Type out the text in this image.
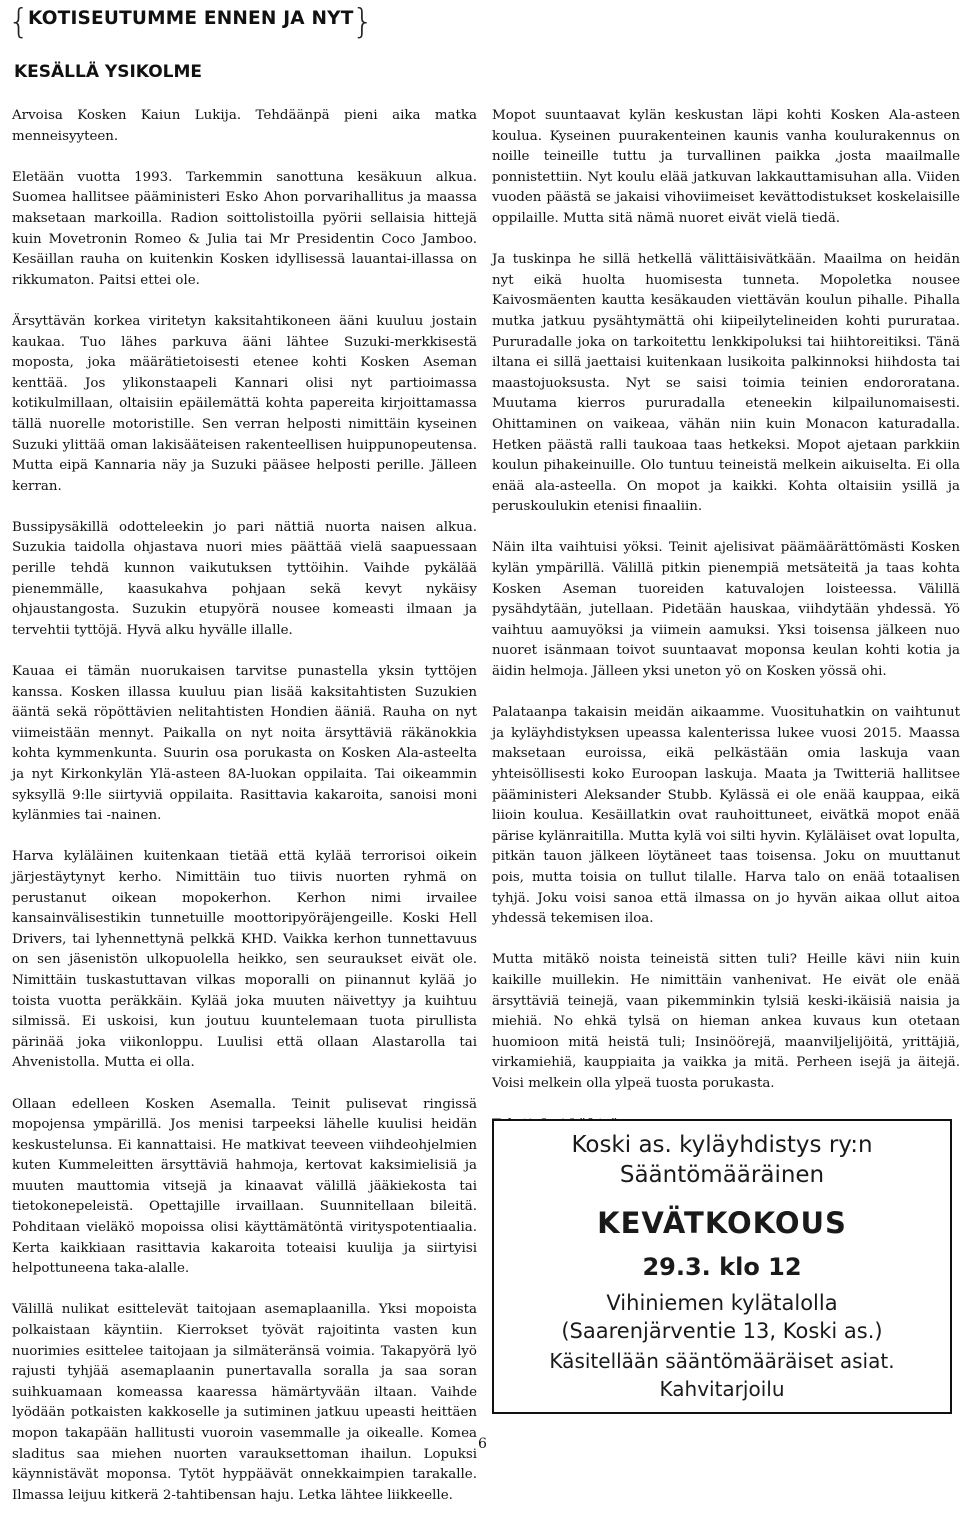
{
KOTISEUTUMME ENNEN JA NYT
}
KESÄLLÄ YSIKOLME

Arvoisa Kosken Kaiun Lukija. Tehdäänpä pieni aika matka menneisyyteen.

Eletään vuotta 1993. Tarkemmin sanottuna kesäkuun alkua. Suomea hallitsee pääministeri Esko Ahon porvarihallitus ja maassa maksetaan markoilla. Radion soittolistoilla pyörii sellaisia hittejä kuin Movetronin Romeo & Julia tai Mr Presidentin Coco Jamboo. Kesäillan rauha on kuitenkin Kosken idyllisessä lauantai-illassa on rikkumaton. Paitsi ettei ole.

Ärsyttävän korkea viritetyn kaksitahtikoneen ääni kuuluu jostain kaukaa. Tuo lähes parkuva ääni lähtee Suzuki-merkkisestä moposta, joka määrätietoisesti etenee kohti Kosken Aseman kenttää. Jos ylikonstaapeli Kannari olisi nyt partioimassa kotikulmillaan, oltaisiin epäilemättä kohta papereita kirjoittamassa tällä nuorelle motoristille. Sen verran helposti nimittäin kyseinen Suzuki ylittää oman lakisääteisen rakenteellisen huippunopeutensa. Mutta eipä Kannaria näy ja Suzuki pääsee helposti perille. Jälleen kerran.

Bussipysäkillä odotteleekin jo pari nättiä nuorta naisen alkua. Suzukia taidolla ohjastava nuori mies päättää vielä saapuessaan perille tehdä kunnon vaikutuksen tyttöihin. Vaihde pykälää pienemmälle, kaasukahva pohjaan sekä kevyt nykäisy ohjaustangosta. Suzukin etupyörä nousee komeasti ilmaan ja tervehtii tyttöjä. Hyvä alku hyvälle illalle.

Kauaa ei tämän nuorukaisen tarvitse punastella yksin tyttöjen kanssa. Kosken illassa kuuluu pian lisää kaksitahtisten Suzukien ääntä sekä röpöttävien nelitahtisten Hondien ääniä. Rauha on nyt viimeistään mennyt. Paikalla on nyt noita ärsyttäviä räkänokkia kohta kymmenkunta. Suurin osa porukasta on Kosken Ala-asteelta ja nyt Kirkonkylän Ylä-asteen 8A-luokan oppilaita. Tai oikeammin syksyllä 9:lle siirtyviä oppilaita. Rasittavia kakaroita, sanoisi moni kylänmies tai -nainen.

Harva kyläläinen kuitenkaan tietää että kylää terrorisoi oikein järjestäytynyt kerho. Nimittäin tuo tiivis nuorten ryhmä on perustanut oikean mopokerhon. Kerhon nimi irvailee kansainvälisestikin tunnetuille moottoripyöräjengeille. Koski Hell Drivers, tai lyhennettynä pelkkä KHD. Vaikka kerhon tunnettavuus on sen jäsenistön ulkopuolella heikko, sen seuraukset eivät ole. Nimittäin tuskastuttavan vilkas moporalli on piinannut kylää jo toista vuotta peräkkäin. Kylää joka muuten näivettyy ja kuihtuu silmissä. Ei uskoisi, kun joutuu kuuntelemaan tuota pirullista pärinää joka viikonloppu. Luulisi että ollaan Alastarolla tai Ahvenistolla. Mutta ei olla.

Ollaan edelleen Kosken Asemalla. Teinit pulisevat ringissä mopojensa ympärillä. Jos menisi tarpeeksi lähelle kuulisi heidän keskustelunsa. Ei kannattaisi. He matkivat teeveen viihdeohjelmien kuten Kummeleitten ärsyttäviä hahmoja, kertovat kaksimielisiä ja muuten mauttomia vitsejä ja kinaavat välillä jääkiekosta tai tietokonepeleistä. Opettajille irvaillaan. Suunnitellaan bileitä. Pohditaan vieläkö mopoissa olisi käyttämätöntä virityspotentiaalia. Kerta kaikkiaan rasittavia kakaroita toteaisi kuulija ja siirtyisi helpottuneena taka-alalle.

Välillä nulikat esittelevät taitojaan asemaplaanilla. Yksi mopoista polkaistaan käyntiin. Kierrokset työvät rajoitinta vasten kun nuorimies esittelee taitojaan ja silmäteränsä voimia. Takapyörä lyö rajusti tyhjää asemaplaanin punertavalla soralla ja saa soran suihkuamaan komeassa kaaressa hämärtyvään iltaan. Vaihde lyödään potkaisten kakkoselle ja sutiminen jatkuu upeasti heittäen mopon takapään hallitusti vuoroin vasemmalle ja oikealle. Komea sladitus saa miehen nuorten varauksettoman ihailun. Lopuksi käynnistävät moponsa. Tytöt hyppäävät onnekkaimpien tarakalle. Ilmassa leijuu kitkerä 2-tahtibensan haju. Letka lähtee liikkeelle.

Mopot suuntaavat kylän keskustan läpi kohti Kosken Ala-asteen koulua. Kyseinen puurakenteinen kaunis vanha koulurakennus on noille teineille tuttu ja turvallinen paikka ,josta maailmalle ponnistettiin. Nyt koulu elää jatkuvan lakkauttamisuhan alla. Viiden vuoden päästä se jakaisi vihoviimeiset kevättodistukset koskelaisille oppilaille. Mutta sitä nämä nuoret eivät vielä tiedä.

Ja tuskinpa he sillä hetkellä välittäisivätkään. Maailma on heidän nyt eikä huolta huomisesta tunneta. Mopoletka nousee Kaivosmäenten kautta kesäkauden viettävän koulun pihalle. Pihalla mutka jatkuu pysähtymättä ohi kiipeilytelineiden kohti pururataa. Pururadalle joka on tarkoitettu lenkkipoluksi tai hiihtoreitiksi. Tänä iltana ei sillä jaettaisi kuitenkaan lusikoita palkinnoksi hiihdosta tai maastojuoksusta. Nyt se saisi toimia teinien endororatana. Muutama kierros pururadalla eteneekin kilpailunomaisesti. Ohittaminen on vaikeaa, vähän niin kuin Monacon katuradalla. Hetken päästä ralli taukoaa taas hetkeksi. Mopot ajetaan parkkiin koulun pihakeinuille. Olo tuntuu teineistä melkein aikuiselta. Ei olla enää ala-asteella. On mopot ja kaikki. Kohta oltaisiin ysillä ja peruskoulukin etenisi finaaliin.

Näin ilta vaihtuisi yöksi. Teinit ajelisivat päämäärättömästi Kosken kylän ympärillä. Välillä pitkin pienempiä metsäteitä ja taas kohta Kosken Aseman tuoreiden katuvalojen loisteessa. Välillä pysähdytään, jutellaan. Pidetään hauskaa, viihdytään yhdessä. Yö vaihtuu aamuyöksi ja viimein aamuksi. Yksi toisensa jälkeen nuo nuoret isänmaan toivot suuntaavat moponsa keulan kohti kotia ja äidin helmoja. Jälleen yksi uneton yö on Kosken yössä ohi.

Palataanpa takaisin meidän aikaamme. Vuosituhatkin on vaihtunut ja kyläyhdistyksen upeassa kalenterissa lukee vuosi 2015. Maassa maksetaan euroissa, eikä pelkästään omia laskuja vaan yhteisöllisesti koko Euroopan laskuja. Maata ja Twitteriä hallitsee pääministeri Aleksander Stubb. Kylässä ei ole enää kauppaa, eikä liioin koulua. Kesäillatkin ovat rauhoittuneet, eivätkä mopot enää pärise kylänraitilla. Mutta kylä voi silti hyvin. Kyläläiset ovat lopulta, pitkän tauon jälkeen löytäneet taas toisensa. Joku on muuttanut pois, mutta toisia on tullut tilalle. Harva talo on enää totaalisen tyhjä. Joku voisi sanoa että ilmassa on jo hyvän aikaa ollut aitoa yhdessä tekemisen iloa.

Mutta mitäkö noista teineistä sitten tuli? Heille kävi niin kuin kaikille muillekin. He nimittäin vanhenivat. He eivät ole enää ärsyttäviä teinejä, vaan pikemminkin tylsiä keski-ikäisiä naisia ja miehiä. No ehkä tylsä on hieman ankea kuvaus kun otetaan huomioon mitä heistä tuli; Insinöörejä, maanviljelijöitä, yrittäjiä, virkamiehiä, kauppiaita ja vaikka ja mitä. Perheen isejä ja äitejä. Voisi melkein olla ylpeä tuosta porukasta.

Koski as. kyläyhdistys ry:n
Sääntömääräinen
KEVÄTKOKOUS
29.3. klo 12
Vihiniemen kylätalolla
(Saarenjärventie 13, Koski as.)
Käsitellään sääntömääräiset asiat.
Kahvitarjoilu
6
